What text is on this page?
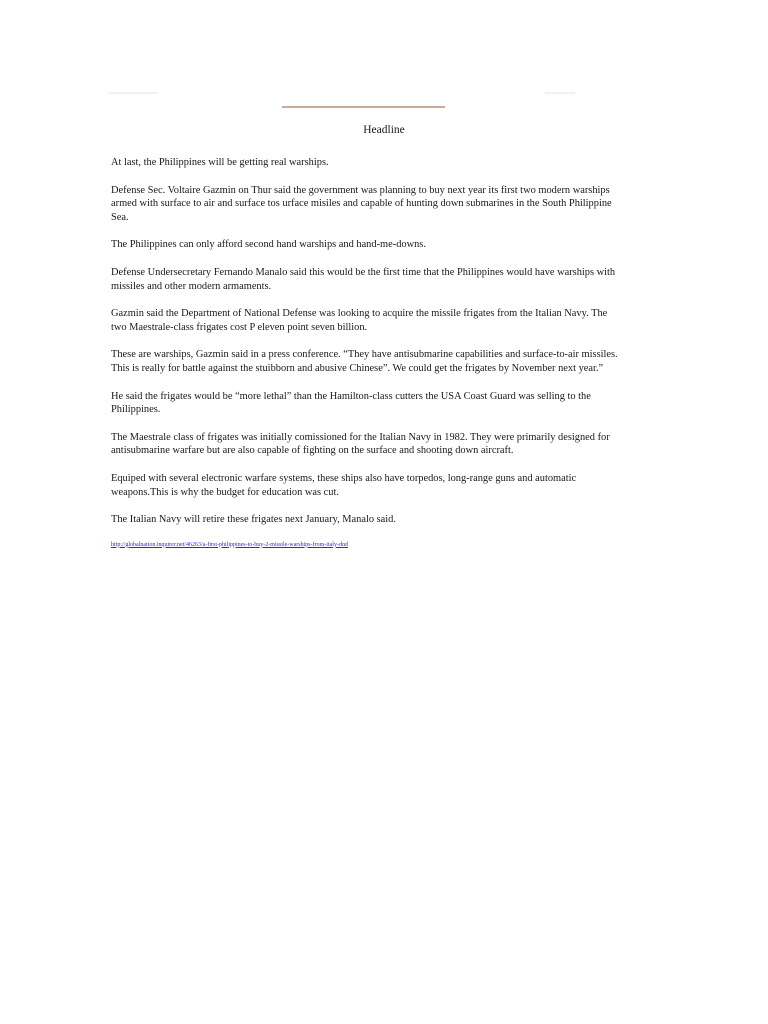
Headline

At last, the Philippines will be getting real warships.

Defense Sec. Voltaire Gazmin on Thur said the government was planning to buy next year its first two modern warships armed with surface to air and surface tos urface misiles and capable of hunting down submarines in the South Philippine Sea.

The Philippines can only afford second hand warships and hand-me-downs.

Defense Undersecretary Fernando Manalo said this would be the first time that the Philippines would have warships with missiles and other modern armaments.

Gazmin said the Department of National Defense was looking to acquire the missile frigates from the Italian Navy. The two Maestrale-class frigates cost P eleven point seven billion.

These are warships, Gazmin said in a press conference. “They have antisubmarine capabilities and surface-to-air missiles. This is really for battle against the stuibborn and abusive Chinese”. We could get the frigates by November next year.”

He said the frigates would be “more lethal” than the Hamilton-class cutters the USA Coast Guard was selling to the Philippines.

The Maestrale class of frigates was initially comissioned for the Italian Navy in 1982. They were primarily designed for antisubmarine warfare but are also capable of fighting on the surface and shooting down aircraft.

Equiped with several electronic warfare systems, these ships also have torpedos, long-range guns and automatic weapons.This is why the budget for education was cut.

The Italian Navy will retire these frigates next January, Manalo said.

http://globalnation.inquirer.net/46263/a-first-philippines-to-buy-2-missile-warships-from-italy-dnd
